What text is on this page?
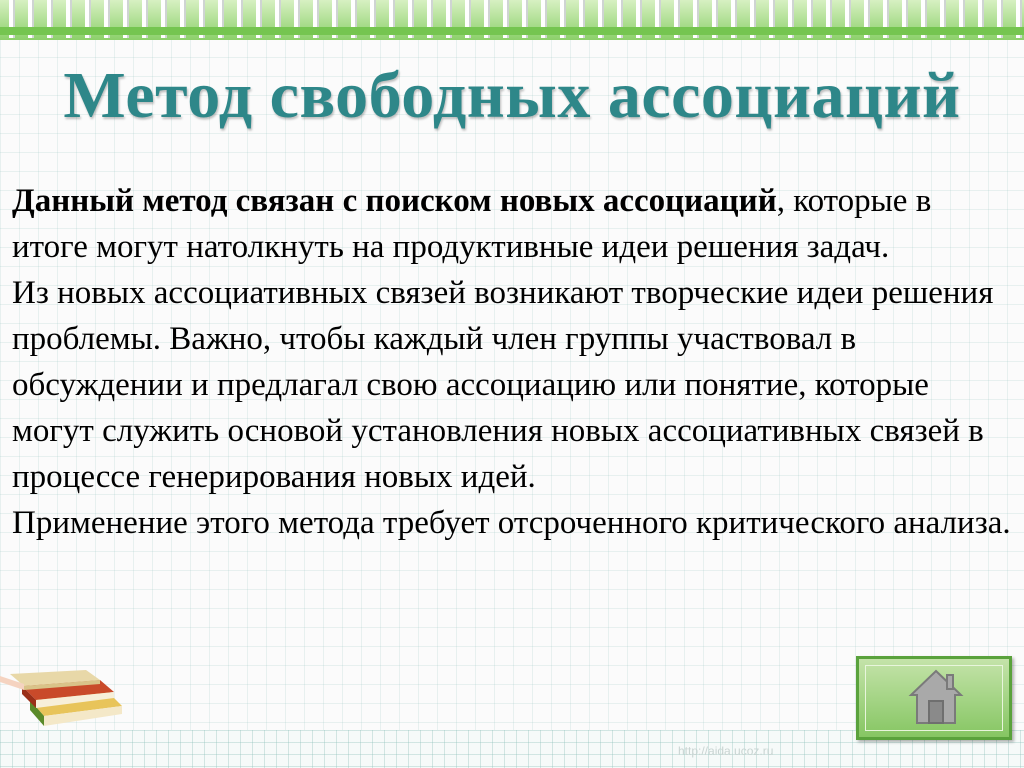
Метод свободных ассоциаций

Данный метод связан с поиском новых ассоциаций, которые в итоге могут натолкнуть на продуктивные идеи решения задач.

Из новых ассоциативных связей возникают творческие идеи решения проблемы. Важно, чтобы каждый член группы участвовал в обсуждении и предлагал свою ассоциацию или понятие, которые могут служить основой установления новых ассоциативных связей в процессе генерирования новых идей.

Применение этого метода требует отсроченного критического анализа.

http://aida.ucoz.ru
